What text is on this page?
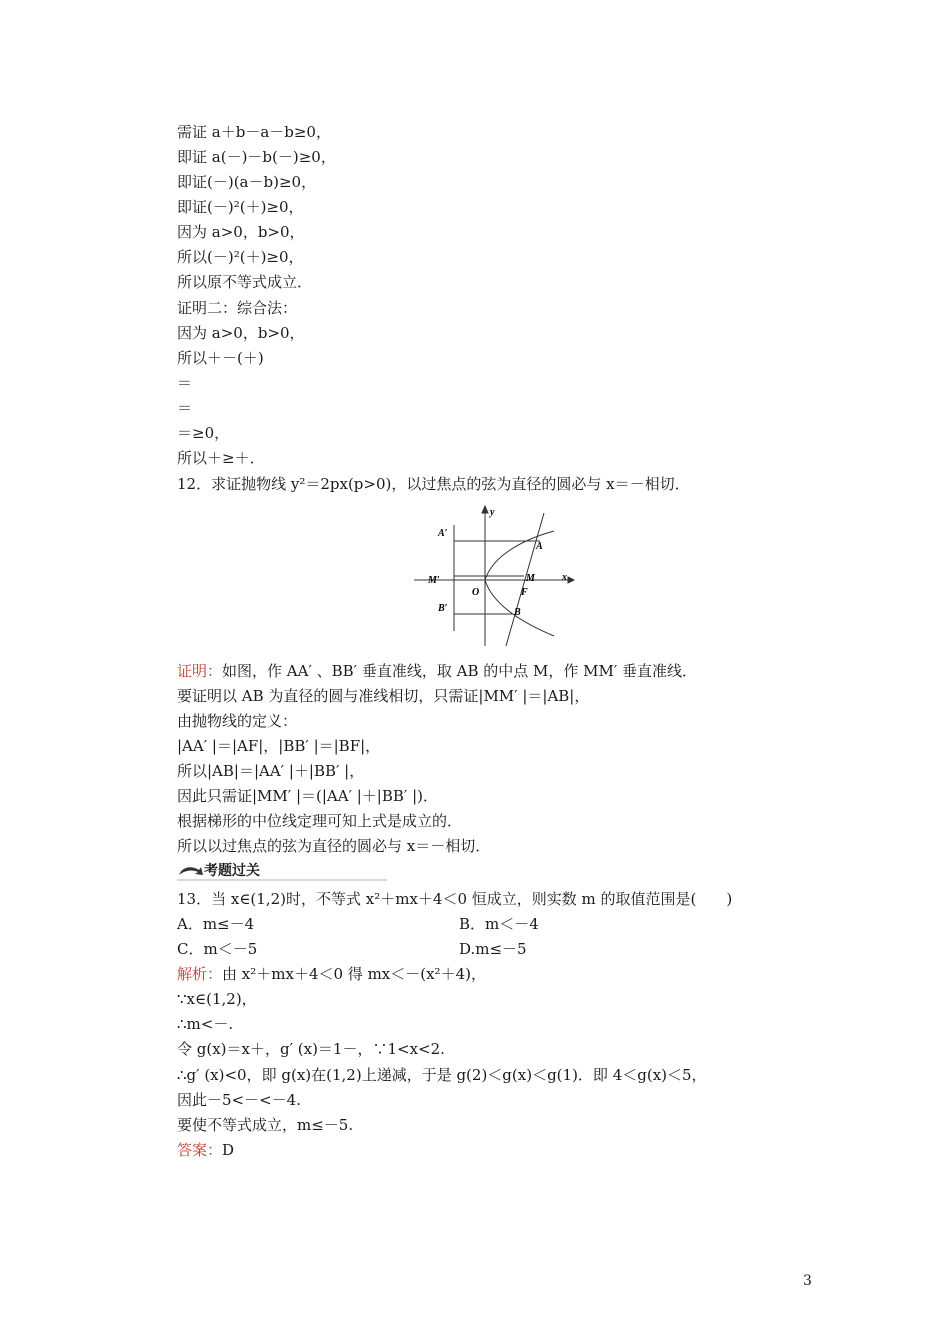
需证 a＋b－a－b≥0，
即证 a(－)－b(－)≥0，
即证(－)(a－b)≥0，
即证(－)²(＋)≥0，
因为 a>0，b>0，
所以(－)²(＋)≥0，
所以原不等式成立．
证明二：综合法：
因为 a>0，b>0，
所以＋－(＋)
＝
＝
＝≥0，
所以＋≥＋．
12．求证抛物线 y²＝2px(p>0)，以过焦点的弦为直径的圆必与 x＝－相切．
A′
A
M′	M	x
y
O	F
B′	B
证明：如图，作 AA′ 、BB′ 垂直准线，取 AB 的中点 M，作 MM′ 垂直准线．
要证明以 AB 为直径的圆与准线相切，只需证|MM′ |＝|AB|，
由抛物线的定义：
|AA′ |＝|AF|，|BB′ |＝|BF|，
所以|AB|＝|AA′ |＋|BB′ |，
因此只需证|MM′ |＝(|AA′ |＋|BB′ |)．
根据梯形的中位线定理可知上式是成立的．
所以以过焦点的弦为直径的圆必与 x＝－相切．
考题过关
13．当 x∈(1,2)时，不等式 x²＋mx＋4＜0 恒成立，则实数 m 的取值范围是(　　)
A．m≤－4	B．m＜－4
C．m＜－5	D.m≤－5
解析：由 x²＋mx＋4＜0 得 mx＜－(x²＋4)，
∵x∈(1,2)，
∴m<－.
令 g(x)＝x＋，g′ (x)＝1－，∵1<x<2.
∴g′ (x)<0，即 g(x)在(1,2)上递减，于是 g(2)＜g(x)＜g(1)．即 4＜g(x)＜5，
因此－5<－<－4.
要使不等式成立，m≤－5.
答案：D
3
